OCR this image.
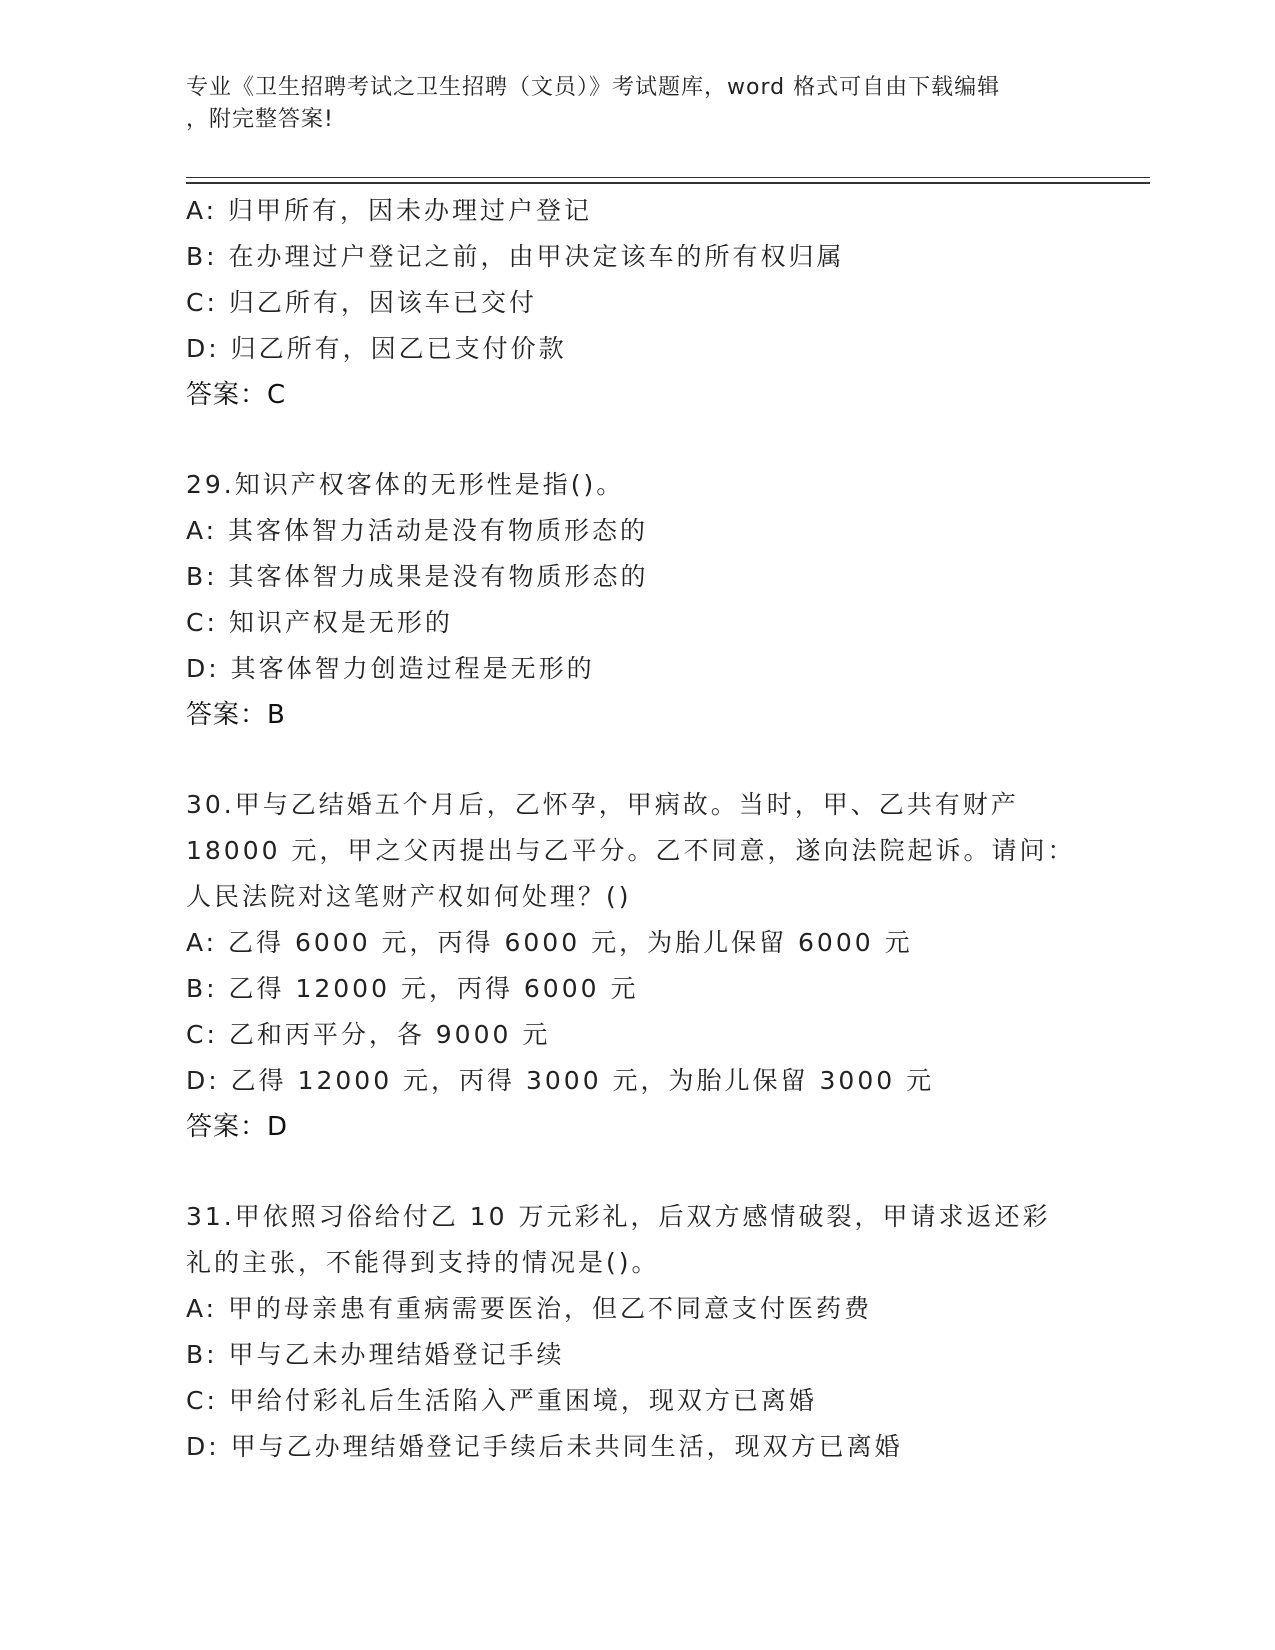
专业《卫生招聘考试之卫生招聘（文员）》考试题库，word 格式可自由下载编辑
，附完整答案!
A: 归甲所有，因未办理过户登记
B: 在办理过户登记之前，由甲决定该车的所有权归属
C: 归乙所有，因该车已交付
D: 归乙所有，因乙已支付价款
答案：C
29.知识产权客体的无形性是指()。
A: 其客体智力活动是没有物质形态的
B: 其客体智力成果是没有物质形态的
C: 知识产权是无形的
D: 其客体智力创造过程是无形的
答案：B
30.甲与乙结婚五个月后，乙怀孕，甲病故。当时，甲、乙共有财产
18000 元，甲之父丙提出与乙平分。乙不同意，遂向法院起诉。请问：
人民法院对这笔财产权如何处理？()
A: 乙得 6000 元，丙得 6000 元，为胎儿保留 6000 元
B: 乙得 12000 元，丙得 6000 元
C: 乙和丙平分，各 9000 元
D: 乙得 12000 元，丙得 3000 元，为胎儿保留 3000 元
答案：D
31.甲依照习俗给付乙 10 万元彩礼，后双方感情破裂，甲请求返还彩
礼的主张，不能得到支持的情况是()。
A: 甲的母亲患有重病需要医治，但乙不同意支付医药费
B: 甲与乙未办理结婚登记手续
C: 甲给付彩礼后生活陷入严重困境，现双方已离婚
D: 甲与乙办理结婚登记手续后未共同生活，现双方已离婚
